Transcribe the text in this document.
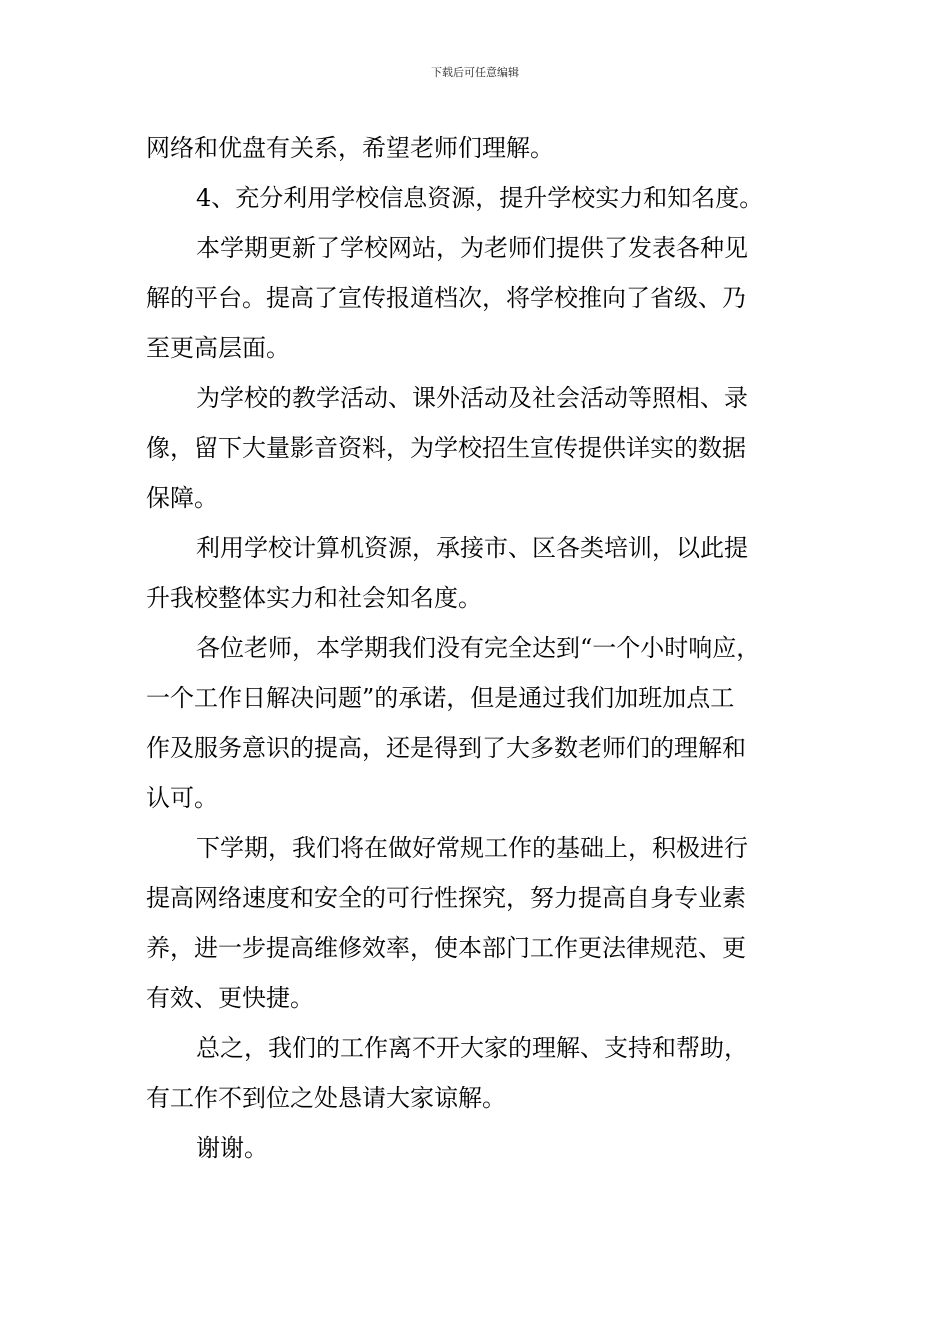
下载后可任意编辑
网络和优盘有关系，希望老师们理解。
4、充分利用学校信息资源，提升学校实力和知名度。
本学期更新了学校网站，为老师们提供了发表各种见
解的平台。提高了宣传报道档次，将学校推向了省级、乃
至更高层面。
为学校的教学活动、课外活动及社会活动等照相、录
像，留下大量影音资料，为学校招生宣传提供详实的数据
保障。
利用学校计算机资源，承接市、区各类培训，以此提
升我校整体实力和社会知名度。
各位老师，本学期我们没有完全达到“一个小时响应，
一个工作日解决问题”的承诺，但是通过我们加班加点工
作及服务意识的提高，还是得到了大多数老师们的理解和
认可。
下学期，我们将在做好常规工作的基础上，积极进行
提高网络速度和安全的可行性探究，努力提高自身专业素
养，进一步提高维修效率，使本部门工作更法律规范、更
有效、更快捷。
总之，我们的工作离不开大家的理解、支持和帮助，
有工作不到位之处恳请大家谅解。
谢谢。
